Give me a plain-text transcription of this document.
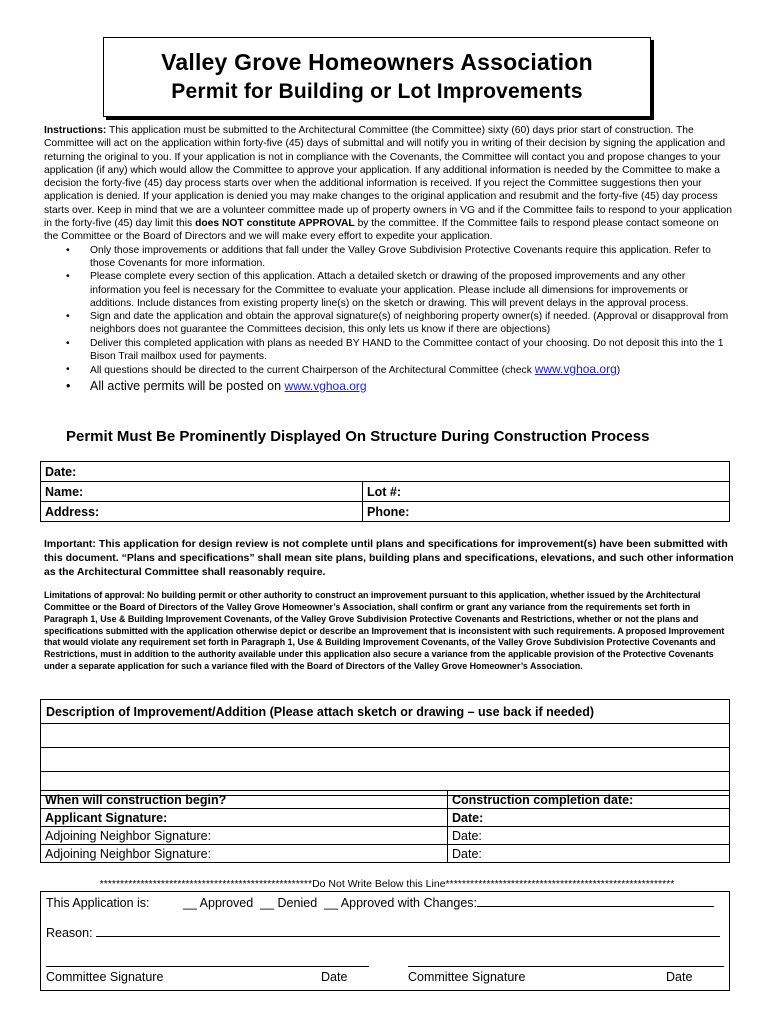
Valley Grove Homeowners Association
Permit for Building or Lot Improvements

Instructions: This application must be submitted to the Architectural Committee (the Committee) sixty (60) days prior start of construction. The Committee will act on the application within forty-five (45) days of submittal and will notify you in writing of their decision by signing the application and returning the original to you. If your application is not in compliance with the Covenants, the Committee will contact you and propose changes to your application (if any) which would allow the Committee to approve your application. If any additional information is needed by the Committee to make a decision the forty-five (45) day process starts over when the additional information is received. If you reject the Committee suggestions then your application is denied. If your application is denied you may make changes to the original application and resubmit and the forty-five (45) day process starts over. Keep in mind that we are a volunteer committee made up of property owners in VG and if the Committee fails to respond to your application in the forty-five (45) day limit this does NOT constitute APPROVAL by the committee. If the Committee fails to respond please contact someone on the Committee or the Board of Directors and we will make every effort to expedite your application.

• Only those improvements or additions that fall under the Valley Grove Subdivision Protective Covenants require this application. Refer to those Covenants for more information.
• Please complete every section of this application. Attach a detailed sketch or drawing of the proposed improvements and any other information you feel is necessary for the Committee to evaluate your application. Please include all dimensions for improvements or additions. Include distances from existing property line(s) on the sketch or drawing. This will prevent delays in the approval process.
• Sign and date the application and obtain the approval signature(s) of neighboring property owner(s) if needed. (Approval or disapproval from neighbors does not guarantee the Committees decision, this only lets us know if there are objections)
• Deliver this completed application with plans as needed BY HAND to the Committee contact of your choosing. Do not deposit this into the 1 Bison Trail mailbox used for payments.
• All questions should be directed to the current Chairperson of the Architectural Committee (check www.vghoa.org)
• All active permits will be posted on www.vghoa.org
Permit Must Be Prominently Displayed On Structure During Construction Process
Date:	
Name:	Lot #:
Address:	Phone:
Important: This application for design review is not complete until plans and specifications for improvement(s) have been submitted with this document. “Plans and specifications” shall mean site plans, building plans and specifications, elevations, and such other information as the Architectural Committee shall reasonably require.
Limitations of approval: No building permit or other authority to construct an improvement pursuant to this application, whether issued by the Architectural Committee or the Board of Directors of the Valley Grove Homeowner’s Association, shall confirm or grant any variance from the requirements set forth in Paragraph 1, Use & Building Improvement Covenants, of the Valley Grove Subdivision Protective Covenants and Restrictions, whether or not the plans and specifications submitted with the application otherwise depict or describe an Improvement that is inconsistent with such requirements. A proposed Improvement that would violate any requirement set forth in Paragraph 1, Use & Building Improvement Covenants, of the Valley Grove Subdivision Protective Covenants and Restrictions, must in addition to the authority available under this application also secure a variance from the applicable provision of the Protective Covenants under a separate application for such a variance filed with the Board of Directors of the Valley Grove Homeowner’s Association.
Description of Improvement/Addition (Please attach sketch or drawing – use back if needed)

When will construction begin?	Construction completion date:
Applicant Signature:	Date:
Adjoining Neighbor Signature:	Date:
Adjoining Neighbor Signature:	Date:
****************************************************Do Not Write Below this Line********************************************************
This Application is:	__ Approved __ Denied __ Approved with Changes:
Reason:
Committee Signature	Date	Committee Signature	Date
